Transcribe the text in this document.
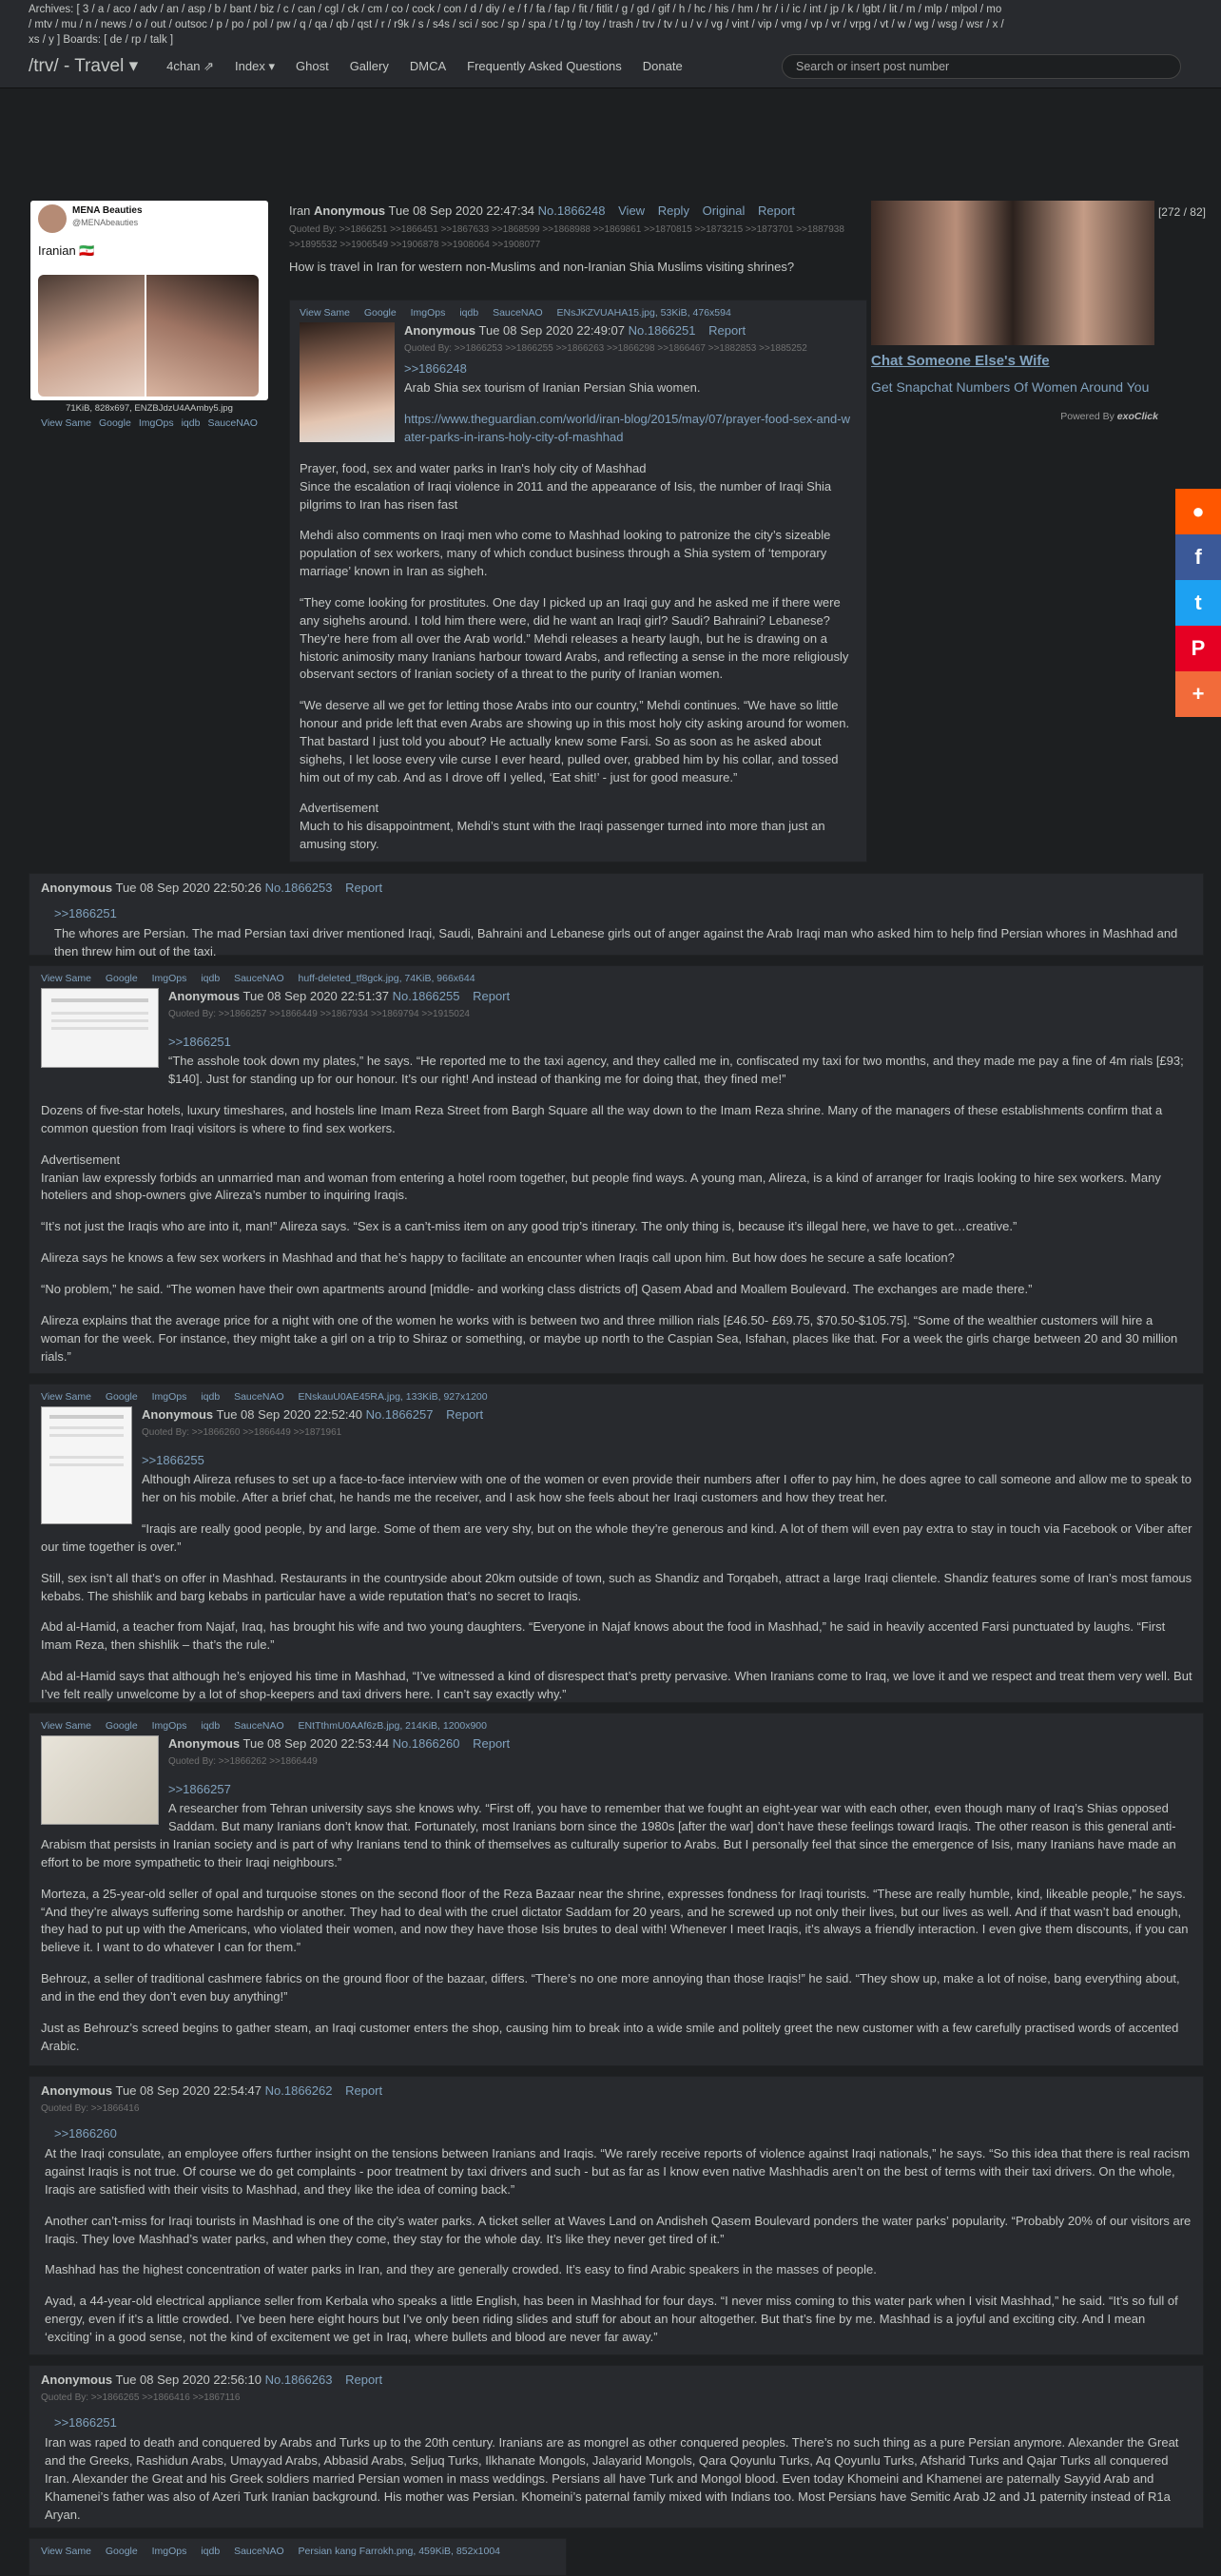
Archives: [ 3 / a / aco / adv / an / asp / b / bant / biz / c / can / cgl / ck / cm / co / cock / con / d / diy / e / f / fa / fap / fit / fitlit / g / gd / gif / h / hc / his / hm / hr / i / ic / int / jp / k / lgbt / lit / m / mlp / mlpol / mo
/ mtv / mu / n / news / o / out / outsoc / p / po / pol / pw / q / qa / qb / qst / r / r9k / s / s4s / sci / soc / sp / spa / t / tg / toy / trash / trv / tv / u / v / vg / vint / vip / vmg / vp / vr / vrpg / vt / w / wg / wsg / wsr / x /
xs / y ] Boards: [ de / rp / talk ]
/trv/ - Travel ▾ 4chan ⇗ Index ▾ Ghost Gallery DMCA Frequently Asked Questions Donate	Search or insert post number
MENA Beauties
@MENAbeauties
Iranian 🇮🇷
71KiB, 828x697, ENZBJdzU4AAmby5.jpg
View Same Google ImgOps iqdb SauceNAO
Iran Anonymous Tue 08 Sep 2020 22:47:34 No.1866248 View Reply Original Report
Quoted By: >>1866251 >>1866451 >>1867633 >>1868599 >>1868988 >>1869861 >>1870815 >>1873215 >>1873701 >>1887938 >>1895532 >>1906549 >>1906878 >>1908064 >>1908077
How is travel in Iran for western non-Muslims and non-Iranian Shia Muslims visiting shrines?
View Same Google ImgOps iqdb SauceNAO ENsJKZVUAHA15.jpg, 53KiB, 476x594
Anonymous Tue 08 Sep 2020 22:49:07 No.1866251 Report
Quoted By: >>1866253 >>1866255 >>1866263 >>1866298 >>1866467 >>1882853 >>1885252
>>1866248

Arab Shia sex tourism of Iranian Persian Shia women.

https://www.theguardian.com/world/iran-blog/2015/may/07/prayer-food-sex-and-water-parks-in-irans-holy-city-of-mashhad

Prayer, food, sex and water parks in Iran's holy city of Mashhad
Since the escalation of Iraqi violence in 2011 and the appearance of Isis, the number of Iraqi Shia pilgrims to Iran has risen fast

Mehdi also comments on Iraqi men who come to Mashhad looking to patronize the city’s sizeable population of sex workers, many of which conduct business through a Shia system of ‘temporary marriage’ known in Iran as sigheh.

“They come looking for prostitutes. One day I picked up an Iraqi guy and he asked me if there were any sighehs around. I told him there were, did he want an Iraqi girl? Saudi? Bahraini? Lebanese? They’re here from all over the Arab world.” Mehdi releases a hearty laugh, but he is drawing on a historic animosity many Iranians harbour toward Arabs, and reflecting a sense in the more religiously observant sectors of Iranian society of a threat to the purity of Iranian women.

“We deserve all we get for letting those Arabs into our country,” Mehdi continues. “We have so little honour and pride left that even Arabs are showing up in this most holy city asking around for women. That bastard I just told you about? He actually knew some Farsi. So as soon as he asked about sighehs, I let loose every vile curse I ever heard, pulled over, grabbed him by his collar, and tossed him out of my cab. And as I drove off I yelled, ‘Eat shit!’ - just for good measure.”

Advertisement
Much to his disappointment, Mehdi’s stunt with the Iraqi passenger turned into more than just an amusing story.

[272 / 82]
Chat Someone Else's Wife
Get Snapchat Numbers Of Women Around You
Powered By exoClick
Anonymous Tue 08 Sep 2020 22:50:26 No.1866253 Report
>>1866251
The whores are Persian. The mad Persian taxi driver mentioned Iraqi, Saudi, Bahraini and Lebanese girls out of anger against the Arab Iraqi man who asked him to help find Persian whores in Mashhad and then threw him out of the taxi.
View Same Google ImgOps iqdb SauceNAO huff-deleted_tf8gck.jpg, 74KiB, 966x644
Anonymous Tue 08 Sep 2020 22:51:37 No.1866255 Report
Quoted By: >>1866257 >>1866449 >>1867934 >>1869794 >>1915024
>>1866251

“The asshole took down my plates,” he says. “He reported me to the taxi agency, and they called me in, confiscated my taxi for two months, and they made me pay a fine of 4m rials [£93; $140]. Just for standing up for our honour. It’s our right! And instead of thanking me for doing that, they fined me!”

Dozens of five-star hotels, luxury timeshares, and hostels line Imam Reza Street from Bargh Square all the way down to the Imam Reza shrine. Many of the managers of these establishments confirm that a common question from Iraqi visitors is where to find sex workers.

Advertisement
Iranian law expressly forbids an unmarried man and woman from entering a hotel room together, but people find ways. A young man, Alireza, is a kind of arranger for Iraqis looking to hire sex workers. Many hoteliers and shop-owners give Alireza’s number to inquiring Iraqis.

“It’s not just the Iraqis who are into it, man!” Alireza says. “Sex is a can’t-miss item on any good trip’s itinerary. The only thing is, because it’s illegal here, we have to get…creative.”

Alireza says he knows a few sex workers in Mashhad and that he’s happy to facilitate an encounter when Iraqis call upon him. But how does he secure a safe location?

“No problem,” he said. “The women have their own apartments around [middle- and working class districts of] Qasem Abad and Moallem Boulevard. The exchanges are made there.”

Alireza explains that the average price for a night with one of the women he works with is between two and three million rials [£46.50- £69.75, $70.50-$105.75]. “Some of the wealthier customers will hire a woman for the week. For instance, they might take a girl on a trip to Shiraz or something, or maybe up north to the Caspian Sea, Isfahan, places like that. For a week the girls charge between 20 and 30 million rials.”

View Same Google ImgOps iqdb SauceNAO ENskauU0AE45RA.jpg, 133KiB, 927x1200
Anonymous Tue 08 Sep 2020 22:52:40 No.1866257 Report
Quoted By: >>1866260 >>1866449 >>1871961
>>1866255

Although Alireza refuses to set up a face-to-face interview with one of the women or even provide their numbers after I offer to pay him, he does agree to call someone and allow me to speak to her on his mobile. After a brief chat, he hands me the receiver, and I ask how she feels about her Iraqi customers and how they treat her.

“Iraqis are really good people, by and large. Some of them are very shy, but on the whole they’re generous and kind. A lot of them will even pay extra to stay in touch via Facebook or Viber after our time together is over.”

Still, sex isn’t all that’s on offer in Mashhad. Restaurants in the countryside about 20km outside of town, such as Shandiz and Torqabeh, attract a large Iraqi clientele. Shandiz features some of Iran’s most famous kebabs. The shishlik and barg kebabs in particular have a wide reputation that’s no secret to Iraqis.

Abd al-Hamid, a teacher from Najaf, Iraq, has brought his wife and two young daughters. “Everyone in Najaf knows about the food in Mashhad,” he said in heavily accented Farsi punctuated by laughs. “First Imam Reza, then shishlik – that’s the rule.”

Abd al-Hamid says that although he’s enjoyed his time in Mashhad, “I’ve witnessed a kind of disrespect that’s pretty pervasive. When Iranians come to Iraq, we love it and we respect and treat them very well. But I’ve felt really unwelcome by a lot of shop-keepers and taxi drivers here. I can’t say exactly why.”

View Same Google ImgOps iqdb SauceNAO ENtTthmU0AAf6zB.jpg, 214KiB, 1200x900
Anonymous Tue 08 Sep 2020 22:53:44 No.1866260 Report
Quoted By: >>1866262 >>1866449
>>1866257

A researcher from Tehran university says she knows why. “First off, you have to remember that we fought an eight-year war with each other, even though many of Iraq’s Shias opposed Saddam. But many Iranians don’t know that. Fortunately, most Iranians born since the 1980s [after the war] don’t have these feelings toward Iraqis. The other reason is this general anti-Arabism that persists in Iranian society and is part of why Iranians tend to think of themselves as culturally superior to Arabs. But I personally feel that since the emergence of Isis, many Iranians have made an effort to be more sympathetic to their Iraqi neighbours.”

Morteza, a 25-year-old seller of opal and turquoise stones on the second floor of the Reza Bazaar near the shrine, expresses fondness for Iraqi tourists. “These are really humble, kind, likeable people,” he says. “And they’re always suffering some hardship or another. They had to deal with the cruel dictator Saddam for 20 years, and he screwed up not only their lives, but our lives as well. And if that wasn’t bad enough, they had to put up with the Americans, who violated their women, and now they have those Isis brutes to deal with! Whenever I meet Iraqis, it’s always a friendly interaction. I even give them discounts, if you can believe it. I want to do whatever I can for them.”

Behrouz, a seller of traditional cashmere fabrics on the ground floor of the bazaar, differs. “There’s no one more annoying than those Iraqis!” he said. “They show up, make a lot of noise, bang everything about, and in the end they don’t even buy anything!”

Just as Behrouz’s screed begins to gather steam, an Iraqi customer enters the shop, causing him to break into a wide smile and politely greet the new customer with a few carefully practised words of accented Arabic.

Anonymous Tue 08 Sep 2020 22:54:47 No.1866262 Report
Quoted By: >>1866416
>>1866260

At the Iraqi consulate, an employee offers further insight on the tensions between Iranians and Iraqis. “We rarely receive reports of violence against Iraqi nationals,” he says. “So this idea that there is real racism against Iraqis is not true. Of course we do get complaints - poor treatment by taxi drivers and such - but as far as I know even native Mashhadis aren’t on the best of terms with their taxi drivers. On the whole, Iraqis are satisfied with their visits to Mashhad, and they like the idea of coming back.”

Another can’t-miss for Iraqi tourists in Mashhad is one of the city’s water parks. A ticket seller at Waves Land on Andisheh Qasem Boulevard ponders the water parks’ popularity. “Probably 20% of our visitors are Iraqis. They love Mashhad’s water parks, and when they come, they stay for the whole day. It’s like they never get tired of it.”

Mashhad has the highest concentration of water parks in Iran, and they are generally crowded. It’s easy to find Arabic speakers in the masses of people.

Ayad, a 44-year-old electrical appliance seller from Kerbala who speaks a little English, has been in Mashhad for four days. “I never miss coming to this water park when I visit Mashhad,” he said. “It’s so full of energy, even if it’s a little crowded. I’ve been here eight hours but I’ve only been riding slides and stuff for about an hour altogether. But that’s fine by me. Mashhad is a joyful and exciting city. And I mean ‘exciting’ in a good sense, not the kind of excitement we get in Iraq, where bullets and blood are never far away.”

Anonymous Tue 08 Sep 2020 22:56:10 No.1866263 Report
Quoted By: >>1866265 >>1866416 >>1867116
>>1866251
Iran was raped to death and conquered by Arabs and Turks up to the 20th century. Iranians are as mongrel as other conquered peoples. There’s no such thing as a pure Persian anymore. Alexander the Great and the Greeks, Rashidun Arabs, Umayyad Arabs, Abbasid Arabs, Seljuq Turks, Ilkhanate Mongols, Jalayarid Mongols, Qara Qoyunlu Turks, Aq Qoyunlu Turks, Afsharid Turks and Qajar Turks all conquered Iran. Alexander the Great and his Greek soldiers married Persian women in mass weddings. Persians all have Turk and Mongol blood. Even today Khomeini and Khamenei are paternally Sayyid Arab and Khamenei’s father was also of Azeri Turk Iranian background. His mother was Persian. Khomeini’s paternal family mixed with Indians too. Most Persians have Semitic Arab J2 and J1 paternity instead of R1a Aryan.
View Same Google ImgOps iqdb SauceNAO Persian kang Farrokh.png, 459KiB, 852x1004
●
f
t
P
+
